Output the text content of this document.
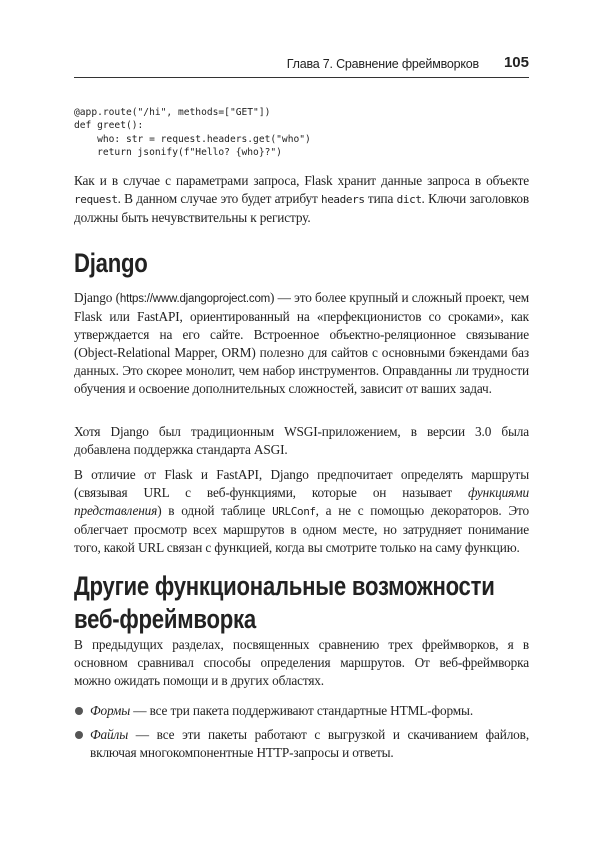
Глава 7. Сравнение фреймворков 105
@app.route("/hi", methods=["GET"])
def greet():
who: str = request.headers.get("who")
return jsonify(f"Hello? {who}?")

Как и в случае с параметрами запроса, Flask хранит данные запроса в объекте request. В данном случае это будет атрибут headers типа dict. Ключи заголовков должны быть нечувствительны к регистру.

Django

Django (https://www.djangoproject.com) — это более крупный и сложный проект, чем Flask или FastAPI, ориентированный на «перфекционистов со сроками», как утверждается на его сайте. Встроенное объектно-реляционное связывание (Object-Relational Mapper, ORM) полезно для сайтов с основными бэкендами баз данных. Это скорее монолит, чем набор инструментов. Оправданны ли трудности обучения и освоение дополнительных сложностей, зависит от ваших задач.

Хотя Django был традиционным WSGI-приложением, в версии 3.0 была добавлена поддержка стандарта ASGI.

В отличие от Flask и FastAPI, Django предпочитает определять маршруты (связывая URL с веб-функциями, которые он называет функциями представления) в одной таблице URLConf, а не с помощью декораторов. Это облегчает просмотр всех маршрутов в одном месте, но затрудняет понимание того, какой URL связан с функцией, когда вы смотрите только на саму функцию.

Другие функциональные возможности веб-фреймворка

В предыдущих разделах, посвященных сравнению трех фреймворков, я в основном сравнивал способы определения маршрутов. От веб-фреймворка можно ожидать помощи и в других областях.

Формы — все три пакета поддерживают стандартные HTML-формы.
Файлы — все эти пакеты работают с выгрузкой и скачиванием файлов, включая многокомпонентные HTTP-запросы и ответы.
